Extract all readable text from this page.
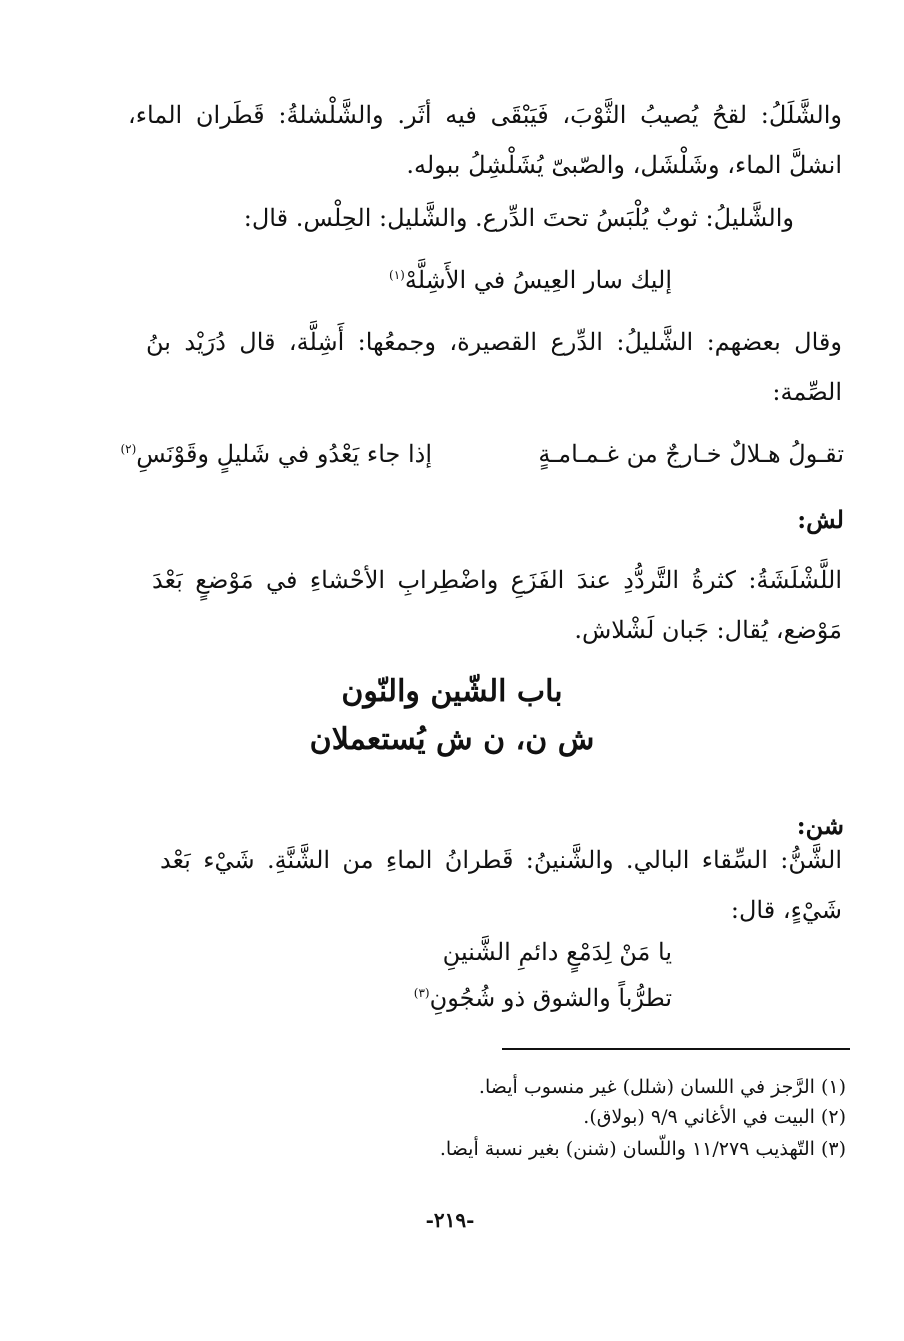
والشَّلَلُ: لقحُ يُصيبُ الثَّوْبَ، فَيَبْقَى فيه أثَر. والشَّلْشلةُ: قَطَران الماء،
انشلَّ الماء، وشَلْشَل، والصّبىّ يُشَلْشِلُ ببوله.
والشَّليلُ: ثوبٌ يُلْبَسُ تحتَ الدِّرع. والشَّليل: الحِلْس. قال:
إليك سار العِيسُ في الأَشِلَّهْ$^{(١)}$
وقال بعضهم: الشَّليلُ: الدِّرع القصيرة، وجمعُها: أَشِلَّة، قال دُرَيْد بنُ
الصِّمة:
تقـولُ هـلالٌ خـارجٌ من غـمـامـةٍ
إذا جاء يَعْدُو في شَليلٍ وقَوْنَسِ$^{(٢)}$
لش:
اللَّشْلَشَةُ: كثرةُ التَّردُّدِ عندَ الفَزَعِ واضْطِرابِ الأحْشاءِ في مَوْضعٍ بَعْدَ
مَوْضع، يُقال: جَبان لَشْلاش.
باب الشّين والنّون
ش ن، ن ش يُستعملان
شن:
الشَّنُّ: السِّقاء البالي. والشَّنينُ: قَطرانُ الماءِ من الشَّنَّةِ. شَيْء بَعْد
شَيْءٍ، قال:
يا مَنْ لِدَمْعٍ دائمِ الشَّنينِ
تطرُّباً والشوق ذو شُجُونِ$^{(٣)}$
(١) الرَّجز في اللسان (شلل) غير منسوب أيضا.
(٢) البيت في الأغاني ٩/٩ (بولاق).
(٣) التّهذيب ١١/٢٧٩ واللّسان (شنن) بغير نسبة أيضا.
-٢١٩-
